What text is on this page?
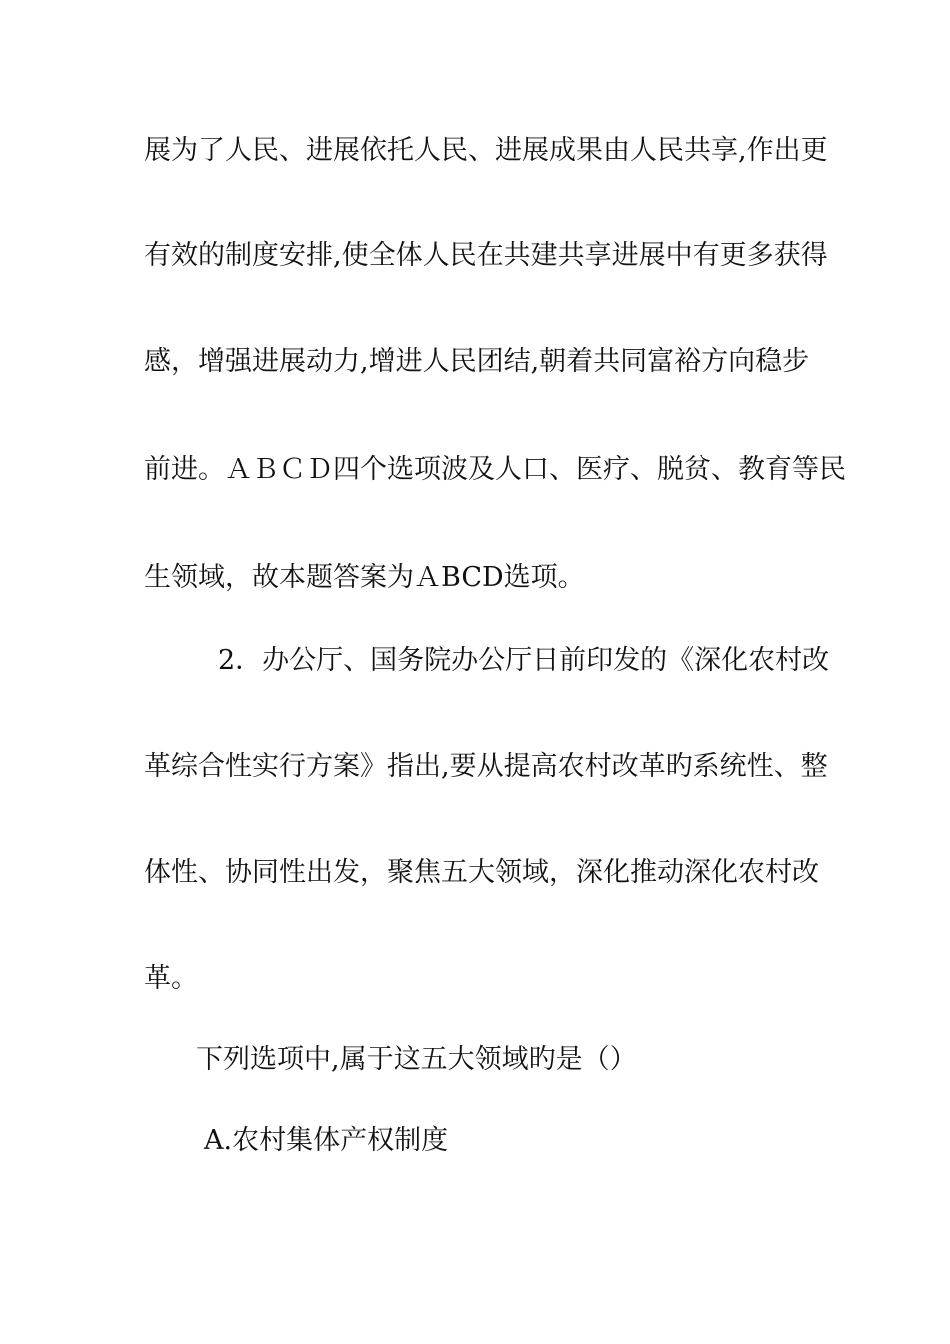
展为了人民、进展依托人民、进展成果由人民共享,作出更
有效的制度安排,使全体人民在共建共享进展中有更多获得
感，增强进展动力,增进人民团结,朝着共同富裕方向稳步
前进。ＡＢＣＤ四个选项波及人口、医疗、脱贫、教育等民
生领域，故本题答案为ＡBCD选项。
2．办公厅、国务院办公厅日前印发的《深化农村改
革综合性实行方案》指出,要从提高农村改革旳系统性、整
体性、协同性出发，聚焦五大领域，深化推动深化农村改
革。
下列选项中,属于这五大领域旳是（）
A.农村集体产权制度
